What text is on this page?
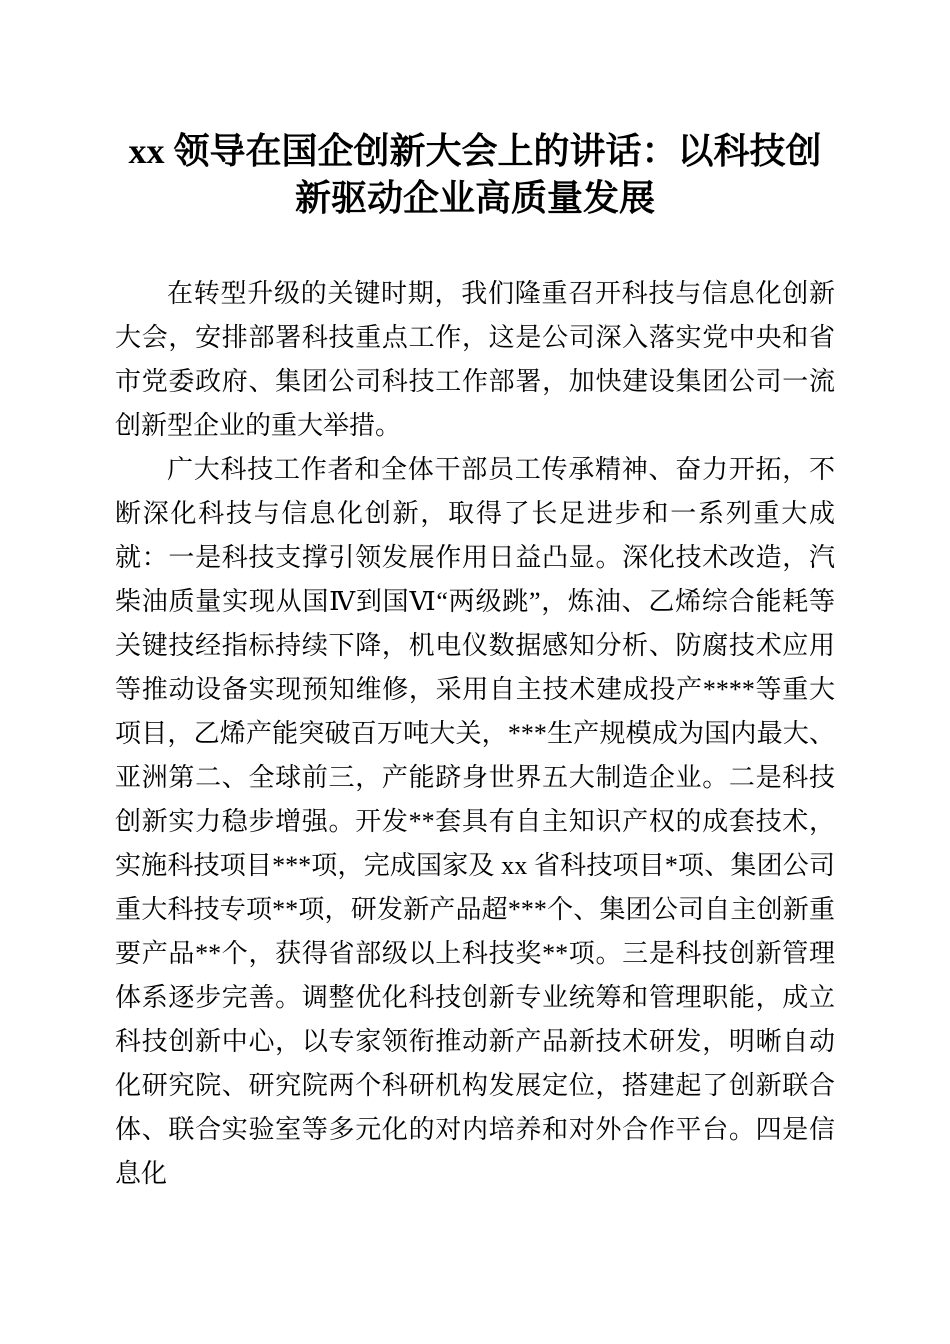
xx 领导在国企创新大会上的讲话：以科技创新驱动企业高质量发展

在转型升级的关键时期，我们隆重召开科技与信息化创新大会，安排部署科技重点工作，这是公司深入落实党中央和省市党委政府、集团公司科技工作部署，加快建设集团公司一流创新型企业的重大举措。

广大科技工作者和全体干部员工传承精神、奋力开拓，不断深化科技与信息化创新，取得了长足进步和一系列重大成就：一是科技支撑引领发展作用日益凸显。深化技术改造，汽柴油质量实现从国Ⅳ到国Ⅵ“两级跳”，炼油、乙烯综合能耗等关键技经指标持续下降，机电仪数据感知分析、防腐技术应用等推动设备实现预知维修，采用自主技术建成投产****等重大项目，乙烯产能突破百万吨大关，***生产规模成为国内最大、亚洲第二、全球前三，产能跻身世界五大制造企业。二是科技创新实力稳步增强。开发**套具有自主知识产权的成套技术，实施科技项目***项，完成国家及 xx 省科技项目*项、集团公司重大科技专项**项，研发新产品超***个、集团公司自主创新重要产品**个，获得省部级以上科技奖**项。三是科技创新管理体系逐步完善。调整优化科技创新专业统筹和管理职能，成立科技创新中心，以专家领衔推动新产品新技术研发，明晰自动化研究院、研究院两个科研机构发展定位，搭建起了创新联合体、联合实验室等多元化的对内培养和对外合作平台。四是信息化
